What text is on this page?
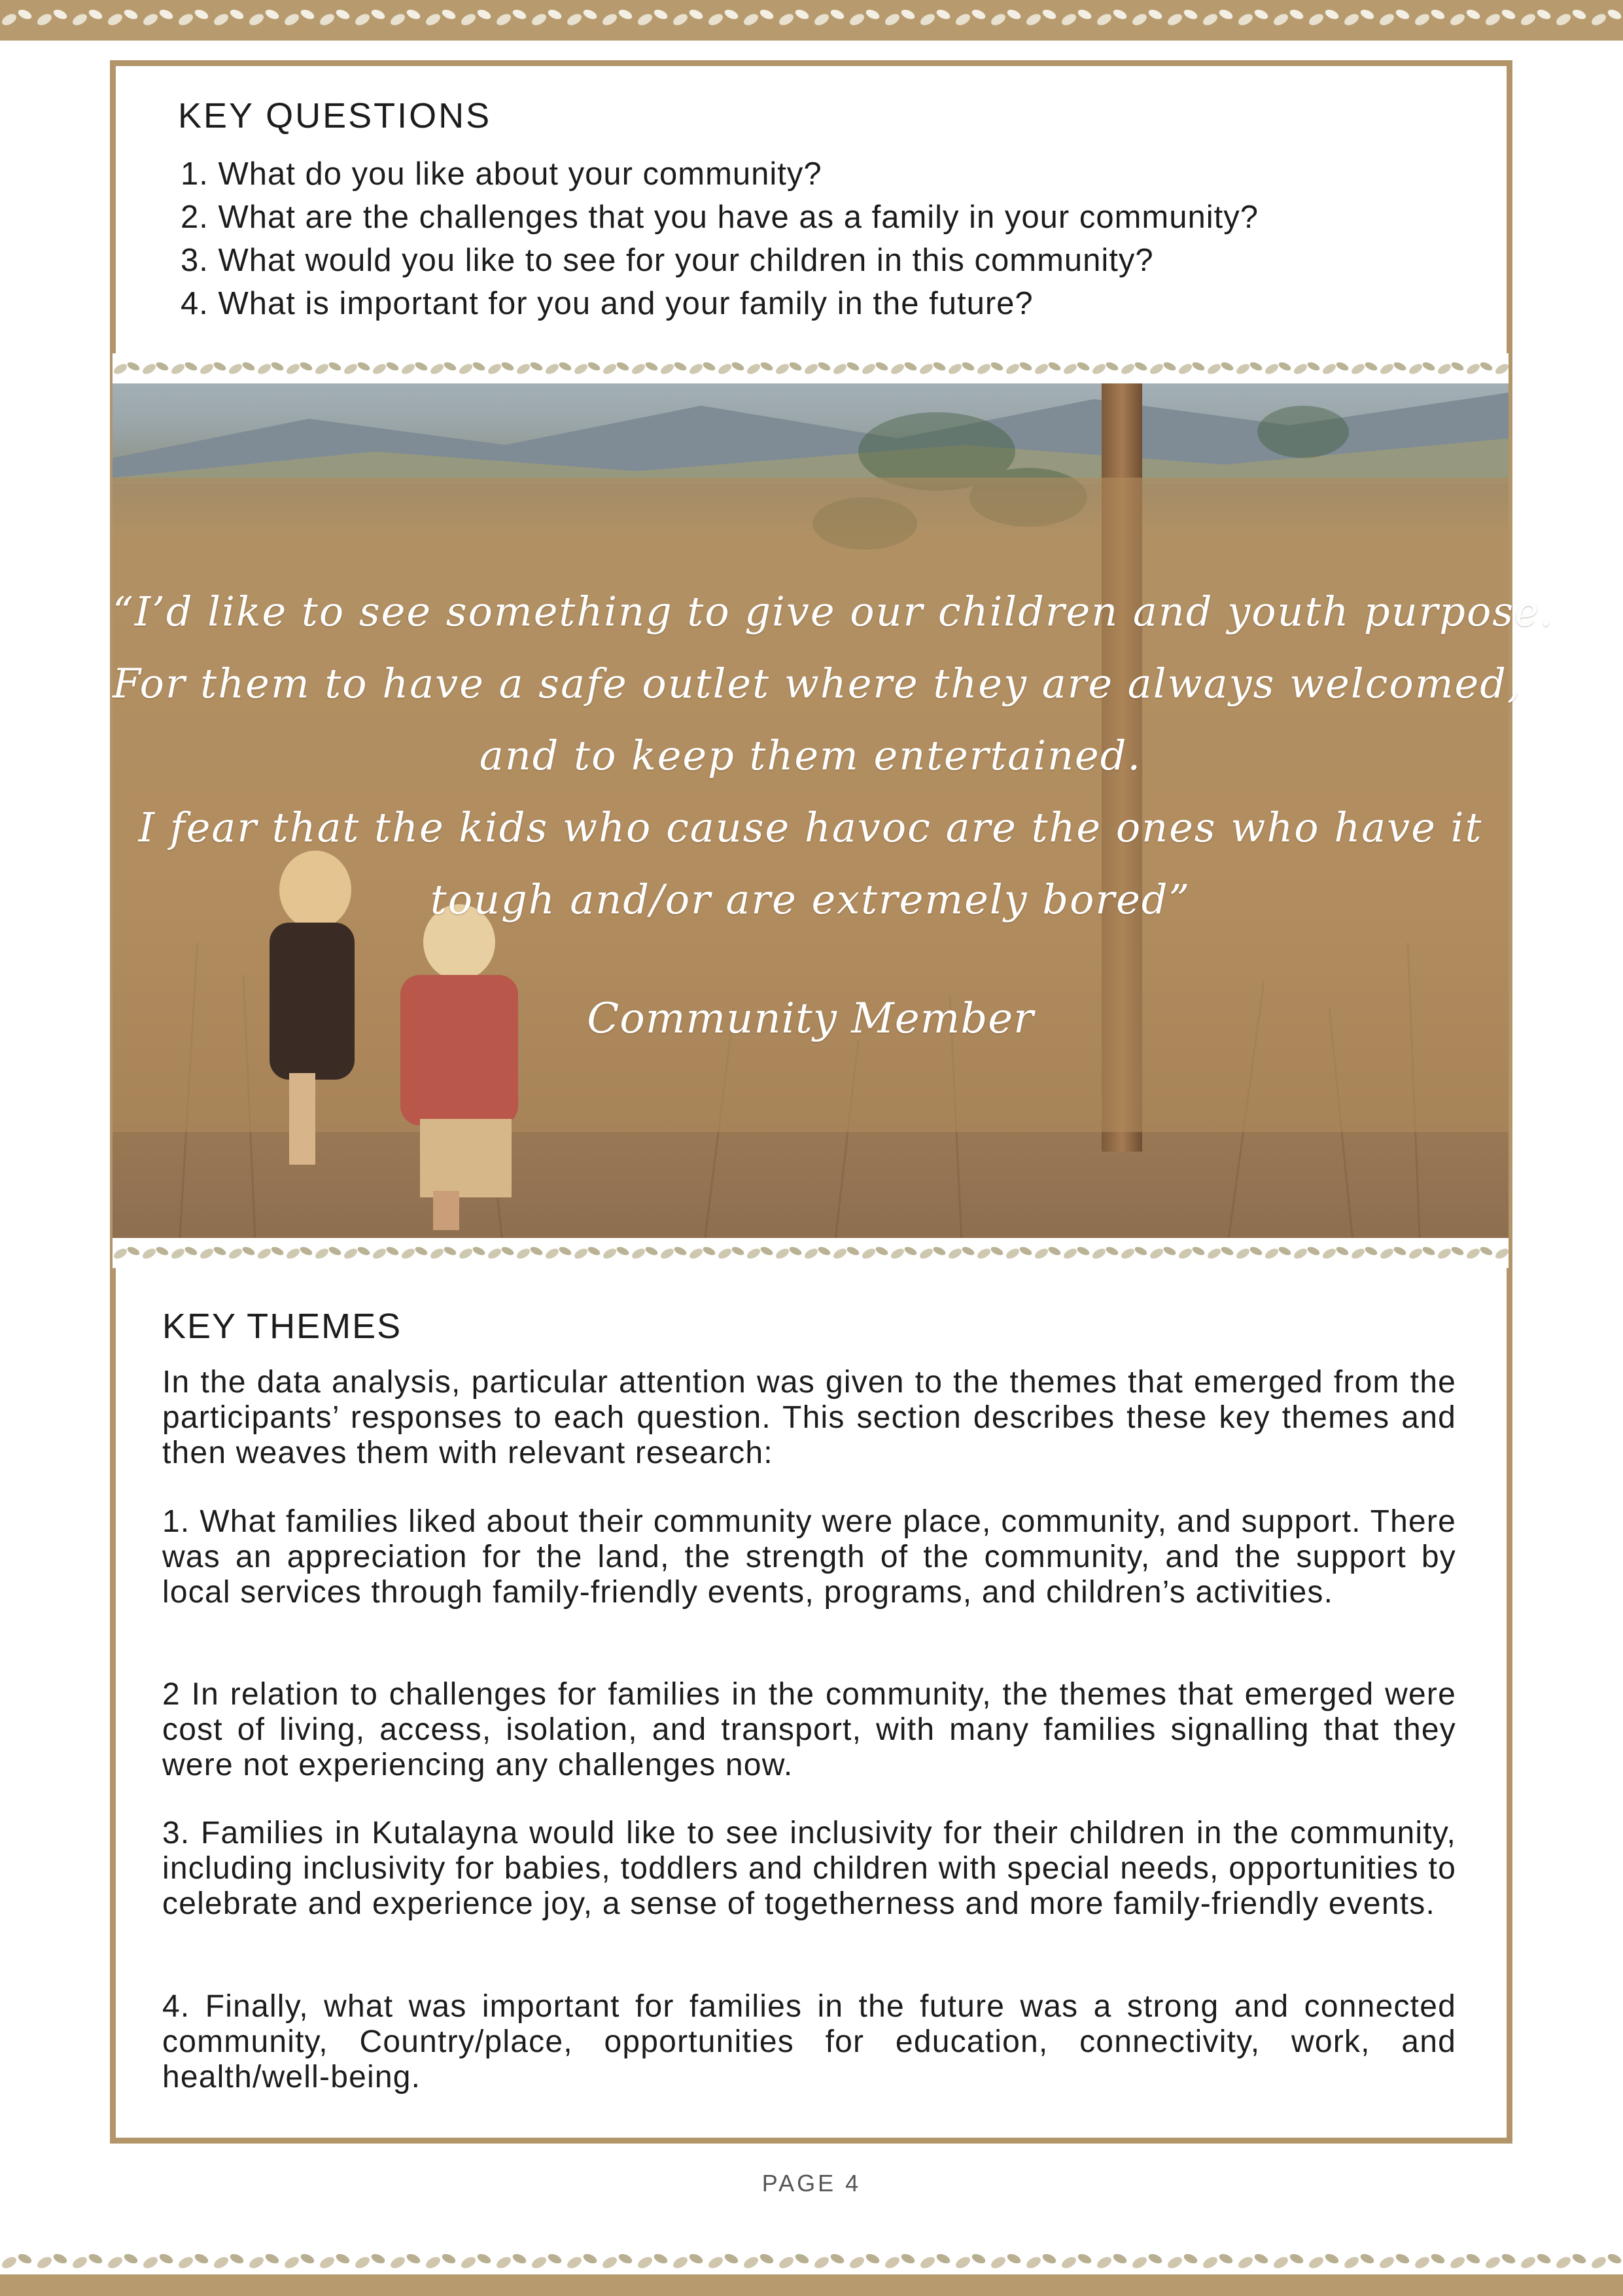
KEY QUESTIONS
1. What do you like about your community?
2. What are the challenges that you have as a family in your community?
3. What would you like to see for your children in this community?
4. What is important for you and your family in the future?
“I’d like to see something to give our children and youth purpose.
For them to have a safe outlet where they are always welcomed,
and to keep them entertained.
I fear that the kids who cause havoc are the ones who have it
tough and/or are extremely bored”
Community Member
KEY THEMES

In the data analysis, particular attention was given to the themes that emerged from the participants’ responses to each question. This section describes these key themes and then weaves them with relevant research:

1. What families liked about their community were place, community, and support. There was an appreciation for the land, the strength of the community, and the support by local services through family-friendly events, programs, and children’s activities.

2 In relation to challenges for families in the community, the themes that emerged were cost of living, access, isolation, and transport, with many families signalling that they were not experiencing any challenges now.

3. Families in Kutalayna would like to see inclusivity for their children in the community, including inclusivity for babies, toddlers and children with special needs, opportunities to celebrate and experience joy, a sense of togetherness and more family-friendly events.

4. Finally, what was important for families in the future was a strong and connected community, Country/place, opportunities for education, connectivity, work, and health/well-being.

PAGE 4
